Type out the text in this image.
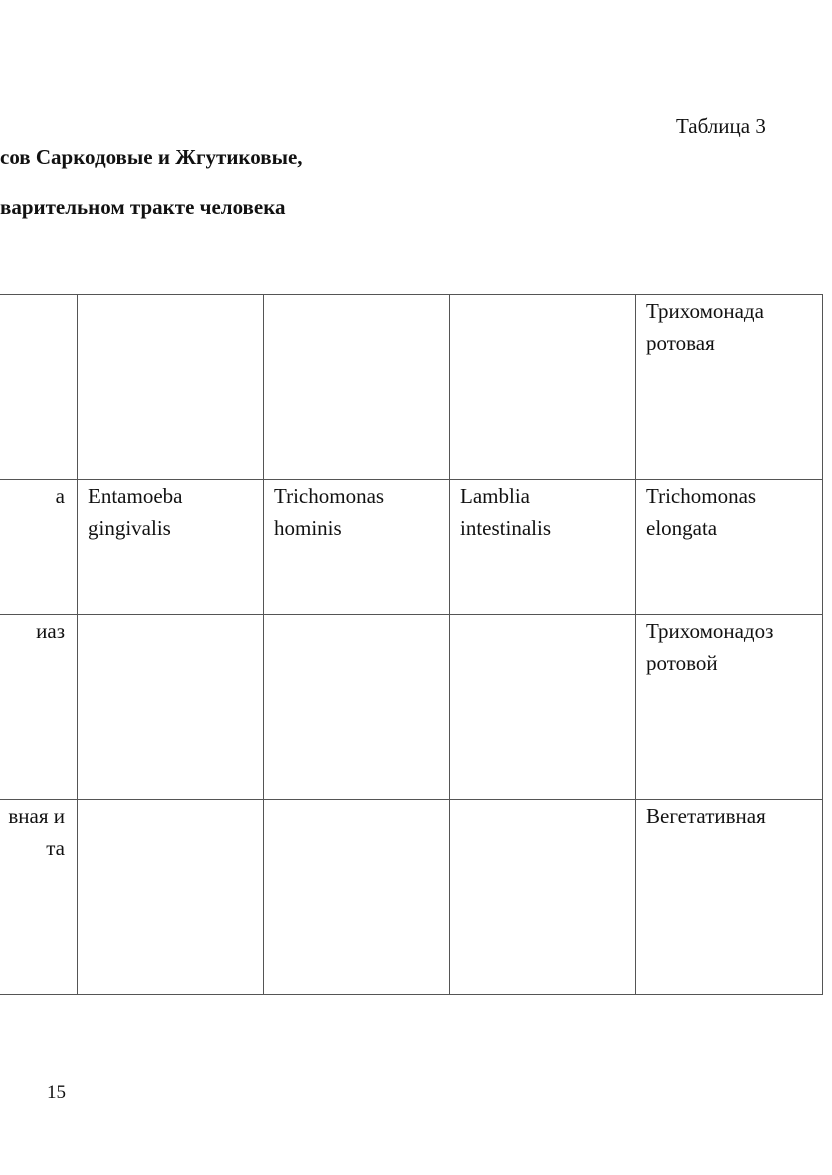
Таблица 3
сов Саркодовые и Жгутиковые,
варительном тракте человека

				Трихомонада ротовая

a	Entamoeba gingivalis	Trichomonas hominis	Lamblia intestinalis	Trichomonas elongata

иаз				Трихомонадоз ротовой

вная и
та				Вегетативная
15
